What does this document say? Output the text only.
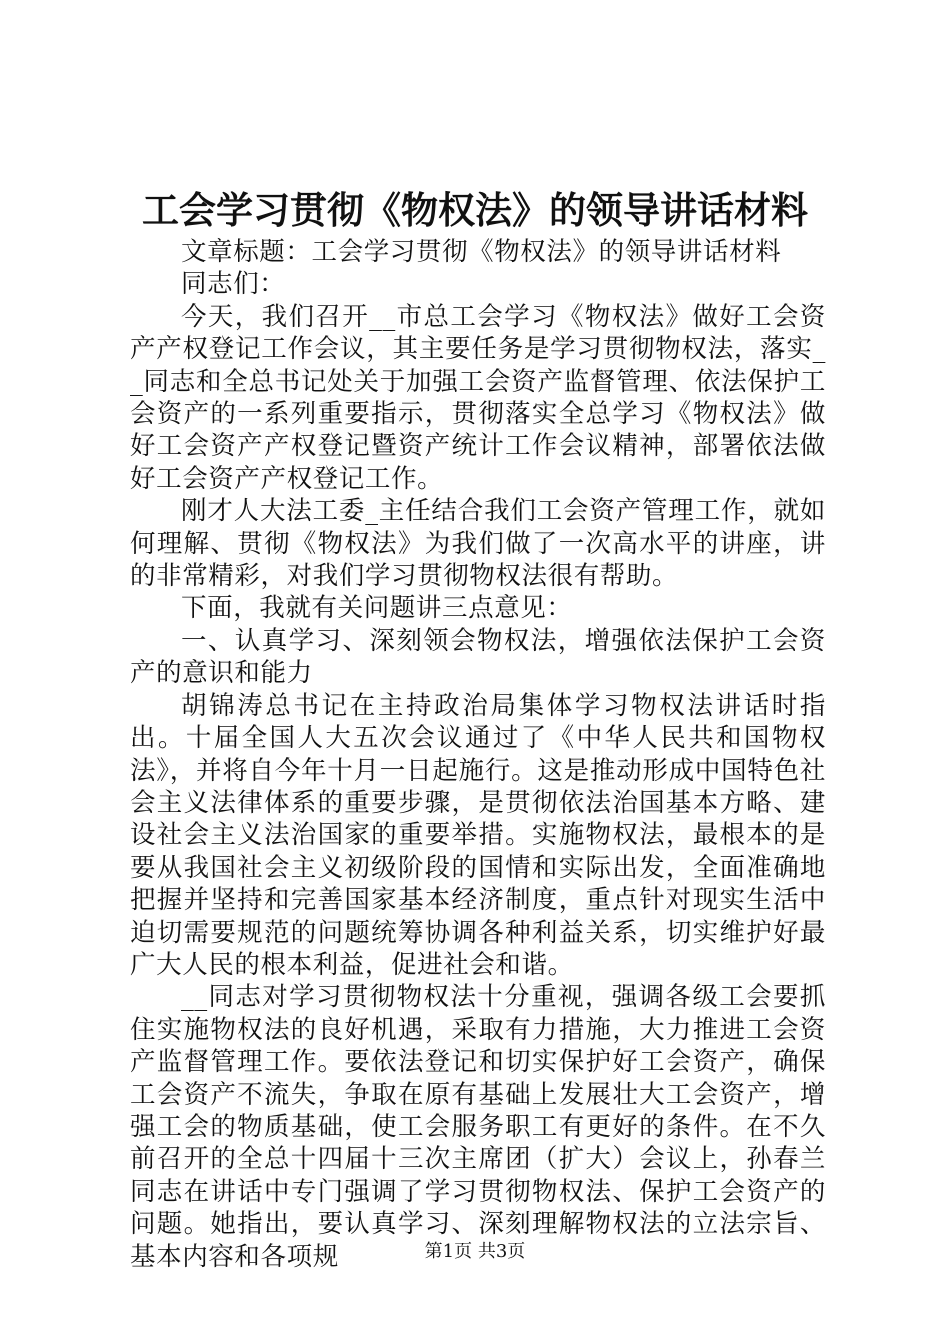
工会学习贯彻《物权法》的领导讲话材料

文章标题：工会学习贯彻《物权法》的领导讲话材料

同志们：

今天，我们召开__市总工会学习《物权法》做好工会资产产权登记工作会议，其主要任务是学习贯彻物权法，落实__同志和全总书记处关于加强工会资产监督管理、依法保护工会资产的一系列重要指示，贯彻落实全总学习《物权法》做好工会资产产权登记暨资产统计工作会议精神，部署依法做好工会资产产权登记工作。

刚才人大法工委_主任结合我们工会资产管理工作，就如何理解、贯彻《物权法》为我们做了一次高水平的讲座，讲的非常精彩，对我们学习贯彻物权法很有帮助。

下面，我就有关问题讲三点意见：

一、认真学习、深刻领会物权法，增强依法保护工会资产的意识和能力

胡锦涛总书记在主持政治局集体学习物权法讲话时指出。十届全国人大五次会议通过了《中华人民共和国物权法》，并将自今年十月一日起施行。这是推动形成中国特色社会主义法律体系的重要步骤，是贯彻依法治国基本方略、建设社会主义法治国家的重要举措。实施物权法，最根本的是要从我国社会主义初级阶段的国情和实际出发，全面准确地把握并坚持和完善国家基本经济制度，重点针对现实生活中迫切需要规范的问题统筹协调各种利益关系，切实维护好最广大人民的根本利益，促进社会和谐。

__同志对学习贯彻物权法十分重视，强调各级工会要抓住实施物权法的良好机遇，采取有力措施，大力推进工会资产监督管理工作。要依法登记和切实保护好工会资产，确保工会资产不流失，争取在原有基础上发展壮大工会资产，增强工会的物质基础，使工会服务职工有更好的条件。在不久前召开的全总十四届十三次主席团（扩大）会议上，孙春兰同志在讲话中专门强调了学习贯彻物权法、保护工会资产的问题。她指出，要认真学习、深刻理解物权法的立法宗旨、基本内容和各项规	第1页 共3页
